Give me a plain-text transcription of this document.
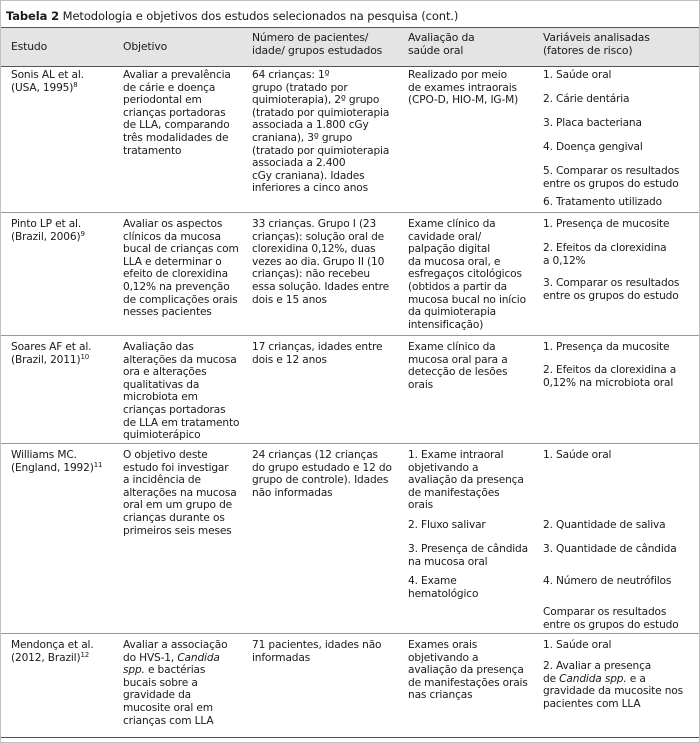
Tabela 2 Metodologia e objetivos dos estudos selecionados na pesquisa (cont.)
Estudo	Objetivo
Número de pacientes/
idade/ grupos estudados
Avaliação da
saúde oral
Variáveis analisadas
(fatores de risco)
Sonis AL et al.
(USA, 1995)$^8$
Avaliar a prevalência
de cárie e doença
periodontal em
crianças portadoras
de LLA, comparando
três modalidades de
tratamento
64 crianças: 1º
grupo (tratado por
quimioterapia), 2º grupo
(tratado por quimioterapia
associada a 1.800 cGy
craniana), 3º grupo
(tratado por quimioterapia
associada a 2.400
cGy craniana). Idades
inferiores a cinco anos
Realizado por meio
de exames intraorais
(CPO-D, HIO-M, IG-M)
1. Saúde oral
2. Cárie dentária
3. Placa bacteriana
4. Doença gengival
5. Comparar os resultados
entre os grupos do estudo
6. Tratamento utilizado
Pinto LP et al.
(Brazil, 2006)$^9$
Avaliar os aspectos
clínicos da mucosa
bucal de crianças com
LLA e determinar o
efeito de clorexidina
0,12% na prevenção
de complicações orais
nesses pacientes
33 crianças. Grupo I (23
crianças): solução oral de
clorexidina 0,12%, duas
vezes ao dia. Grupo II (10
crianças): não recebeu
essa solução. Idades entre
dois e 15 anos
Exame clínico da
cavidade oral/
palpação digital
da mucosa oral, e
esfregaços citológicos
(obtidos a partir da
mucosa bucal no início
da quimioterapia
intensificação)
1. Presença de mucosite
2. Efeitos da clorexidina
a 0,12%
3. Comparar os resultados
entre os grupos do estudo
Soares AF et al.
(Brazil, 2011)$^{10}$
Avaliação das
alterações da mucosa
ora e alterações
qualitativas da
microbiota em
crianças portadoras
de LLA em tratamento
quimioterápico
17 crianças, idades entre
dois e 12 anos
Exame clínico da
mucosa oral para a
detecção de lesões
orais
1. Presença da mucosite
2. Efeitos da clorexidina a
0,12% na microbiota oral
Williams MC.
(England, 1992)$^{11}$
O objetivo deste
estudo foi investigar
a incidência de
alterações na mucosa
oral em um grupo de
crianças durante os
primeiros seis meses
24 crianças (12 crianças
do grupo estudado e 12 do
grupo de controle). Idades
não informadas
1. Exame intraoral
objetivando a
avaliação da presença
de manifestações
orais
2. Fluxo salivar
3. Presença de cândida
na mucosa oral
4. Exame
hematológico
1. Saúde oral
2. Quantidade de saliva
3. Quantidade de cândida
4. Número de neutrófilos
Comparar os resultados
entre os grupos do estudo
Mendonça et al.
(2012, Brazil)$^{12}$
Avaliar a associação
do HVS-1, Candida
spp. e bactérias
bucais sobre a
gravidade da
mucosite oral em
crianças com LLA
71 pacientes, idades não
informadas
Exames orais
objetivando a
avaliação da presença
de manifestações orais
nas crianças
1. Saúde oral
2. Avaliar a presença
de Candida spp. e a
gravidade da mucosite nos
pacientes com LLA
